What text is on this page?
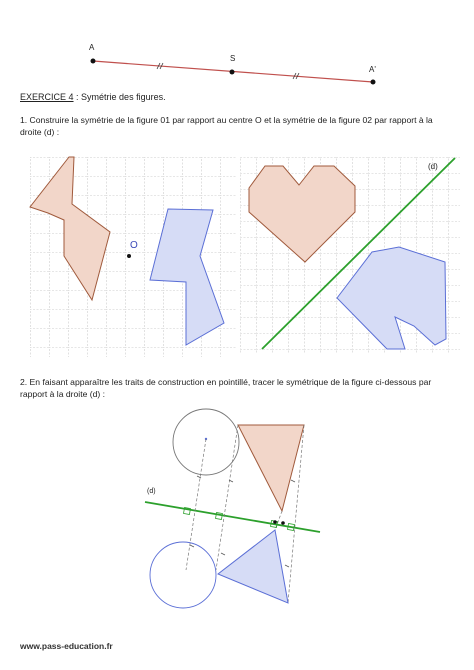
A
S
A'
EXERCICE 4 : Symétrie des figures.
1. Construire la symétrie de la figure 01 par rapport au centre O et la symétrie de la figure 02 par rapport à la
droite (d) :
O
(d)
2. En faisant apparaître les traits de construction en pointillé, tracer le symétrique de la figure ci-dessous par
rapport à la droite (d) :
(d)
www.pass-education.fr
